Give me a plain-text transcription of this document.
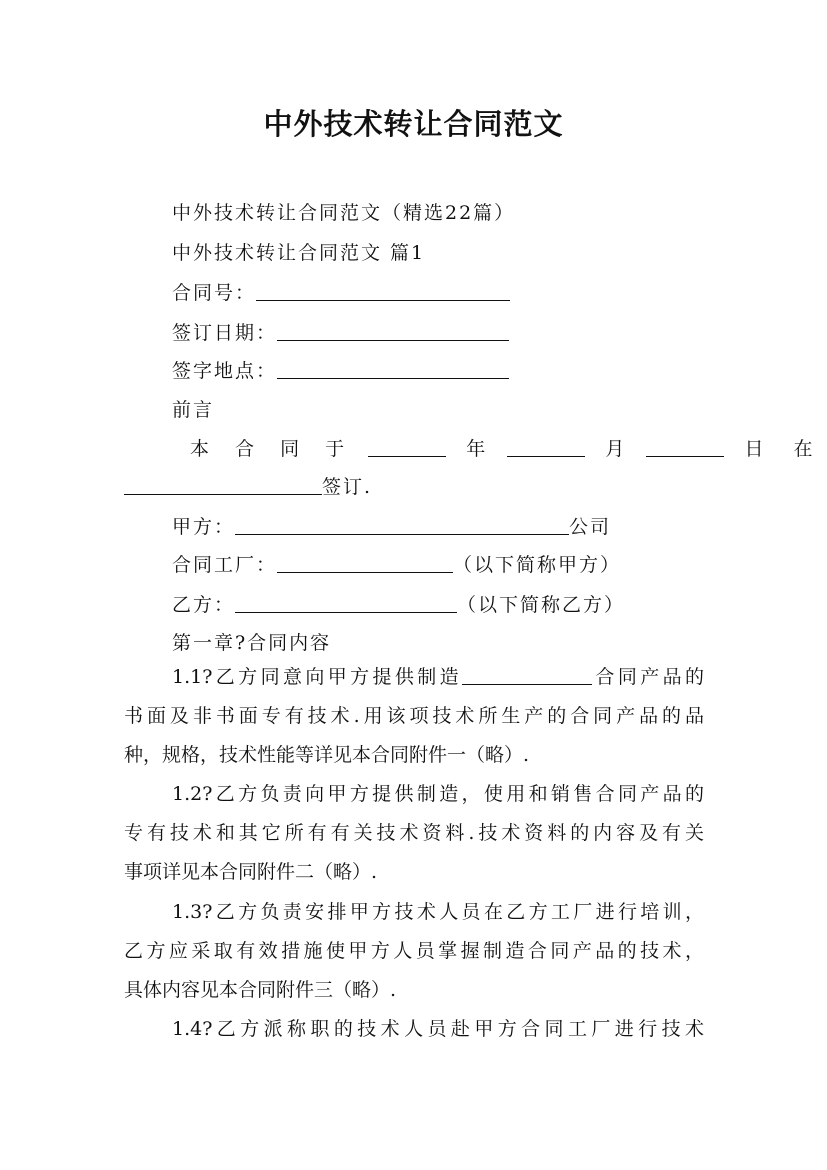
中外技术转让合同范文
中外技术转让合同范文（精选22篇）
中外技术转让合同范文 篇1
合同号：
签订日期：
签字地点：
前言
本 合 同 于	年	月	日 在
签订.
甲方：	公司
合同工厂：	（以下简称甲方）
乙方：	（以下简称乙方）
第一章?合同内容
1.1?乙方同意向甲方提供制造	合同产品的
书面及非书面专有技术.用该项技术所生产的合同产品的品
种，规格，技术性能等详见本合同附件一（略）.
1.2?乙方负责向甲方提供制造，使用和销售合同产品的
专有技术和其它所有有关技术资料.技术资料的内容及有关
事项详见本合同附件二（略）.
1.3?乙方负责安排甲方技术人员在乙方工厂进行培训，
乙方应采取有效措施使甲方人员掌握制造合同产品的技术，
具体内容见本合同附件三（略）.
1.4?乙方派称职的技术人员赴甲方合同工厂进行技术
